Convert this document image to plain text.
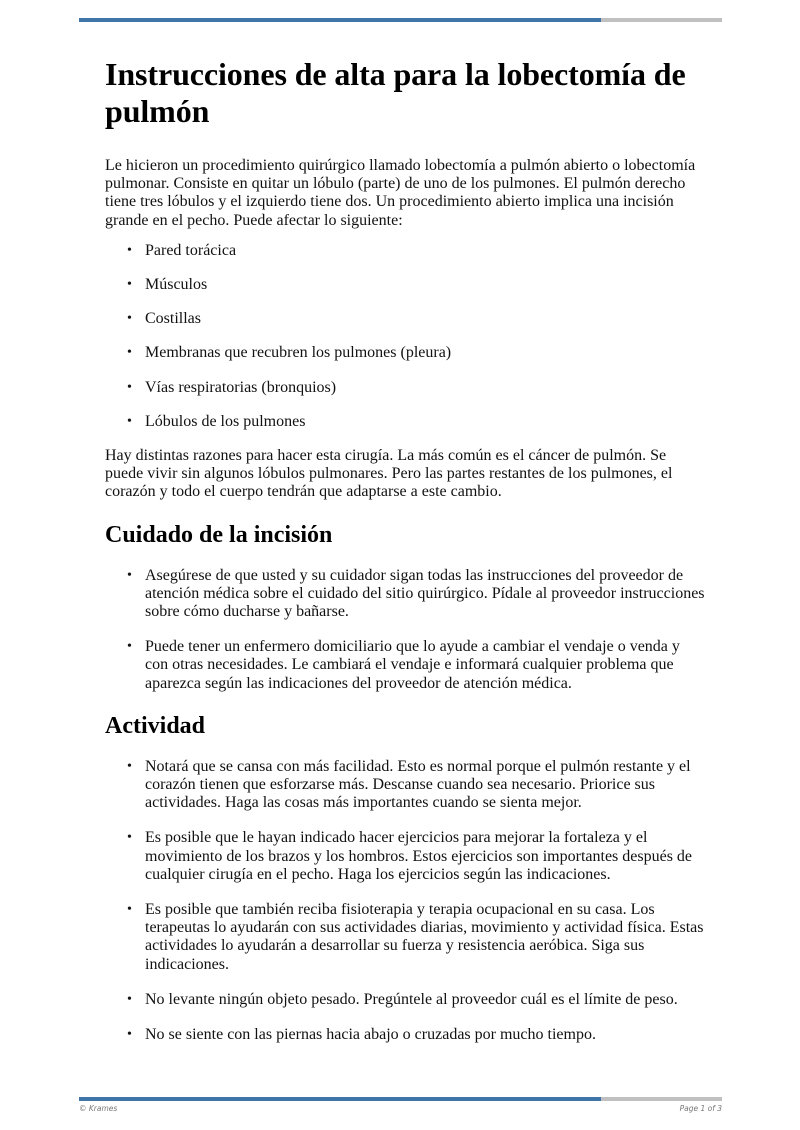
Instrucciones de alta para la lobectomía de pulmón

Le hicieron un procedimiento quirúrgico llamado lobectomía a pulmón abierto o lobectomía pulmonar. Consiste en quitar un lóbulo (parte) de uno de los pulmones. El pulmón derecho tiene tres lóbulos y el izquierdo tiene dos. Un procedimiento abierto implica una incisión grande en el pecho. Puede afectar lo siguiente:

• Pared torácica
• Músculos
• Costillas
• Membranas que recubren los pulmones (pleura)
• Vías respiratorias (bronquios)
• Lóbulos de los pulmones

Hay distintas razones para hacer esta cirugía. La más común es el cáncer de pulmón. Se puede vivir sin algunos lóbulos pulmonares. Pero las partes restantes de los pulmones, el corazón y todo el cuerpo tendrán que adaptarse a este cambio.

Cuidado de la incisión
• Asegúrese de que usted y su cuidador sigan todas las instrucciones del proveedor de atención médica sobre el cuidado del sitio quirúrgico. Pídale al proveedor instrucciones sobre cómo ducharse y bañarse.
• Puede tener un enfermero domiciliario que lo ayude a cambiar el vendaje o venda y con otras necesidades. Le cambiará el vendaje e informará cualquier problema que aparezca según las indicaciones del proveedor de atención médica.
Actividad
• Notará que se cansa con más facilidad. Esto es normal porque el pulmón restante y el corazón tienen que esforzarse más. Descanse cuando sea necesario. Priorice sus actividades. Haga las cosas más importantes cuando se sienta mejor.
• Es posible que le hayan indicado hacer ejercicios para mejorar la fortaleza y el movimiento de los brazos y los hombros. Estos ejercicios son importantes después de cualquier cirugía en el pecho. Haga los ejercicios según las indicaciones.
• Es posible que también reciba fisioterapia y terapia ocupacional en su casa. Los terapeutas lo ayudarán con sus actividades diarias, movimiento y actividad física. Estas actividades lo ayudarán a desarrollar su fuerza y resistencia aeróbica. Siga sus indicaciones.
• No levante ningún objeto pesado. Pregúntele al proveedor cuál es el límite de peso.
• No se siente con las piernas hacia abajo o cruzadas por mucho tiempo.
© Krames	Page 1 of 3
